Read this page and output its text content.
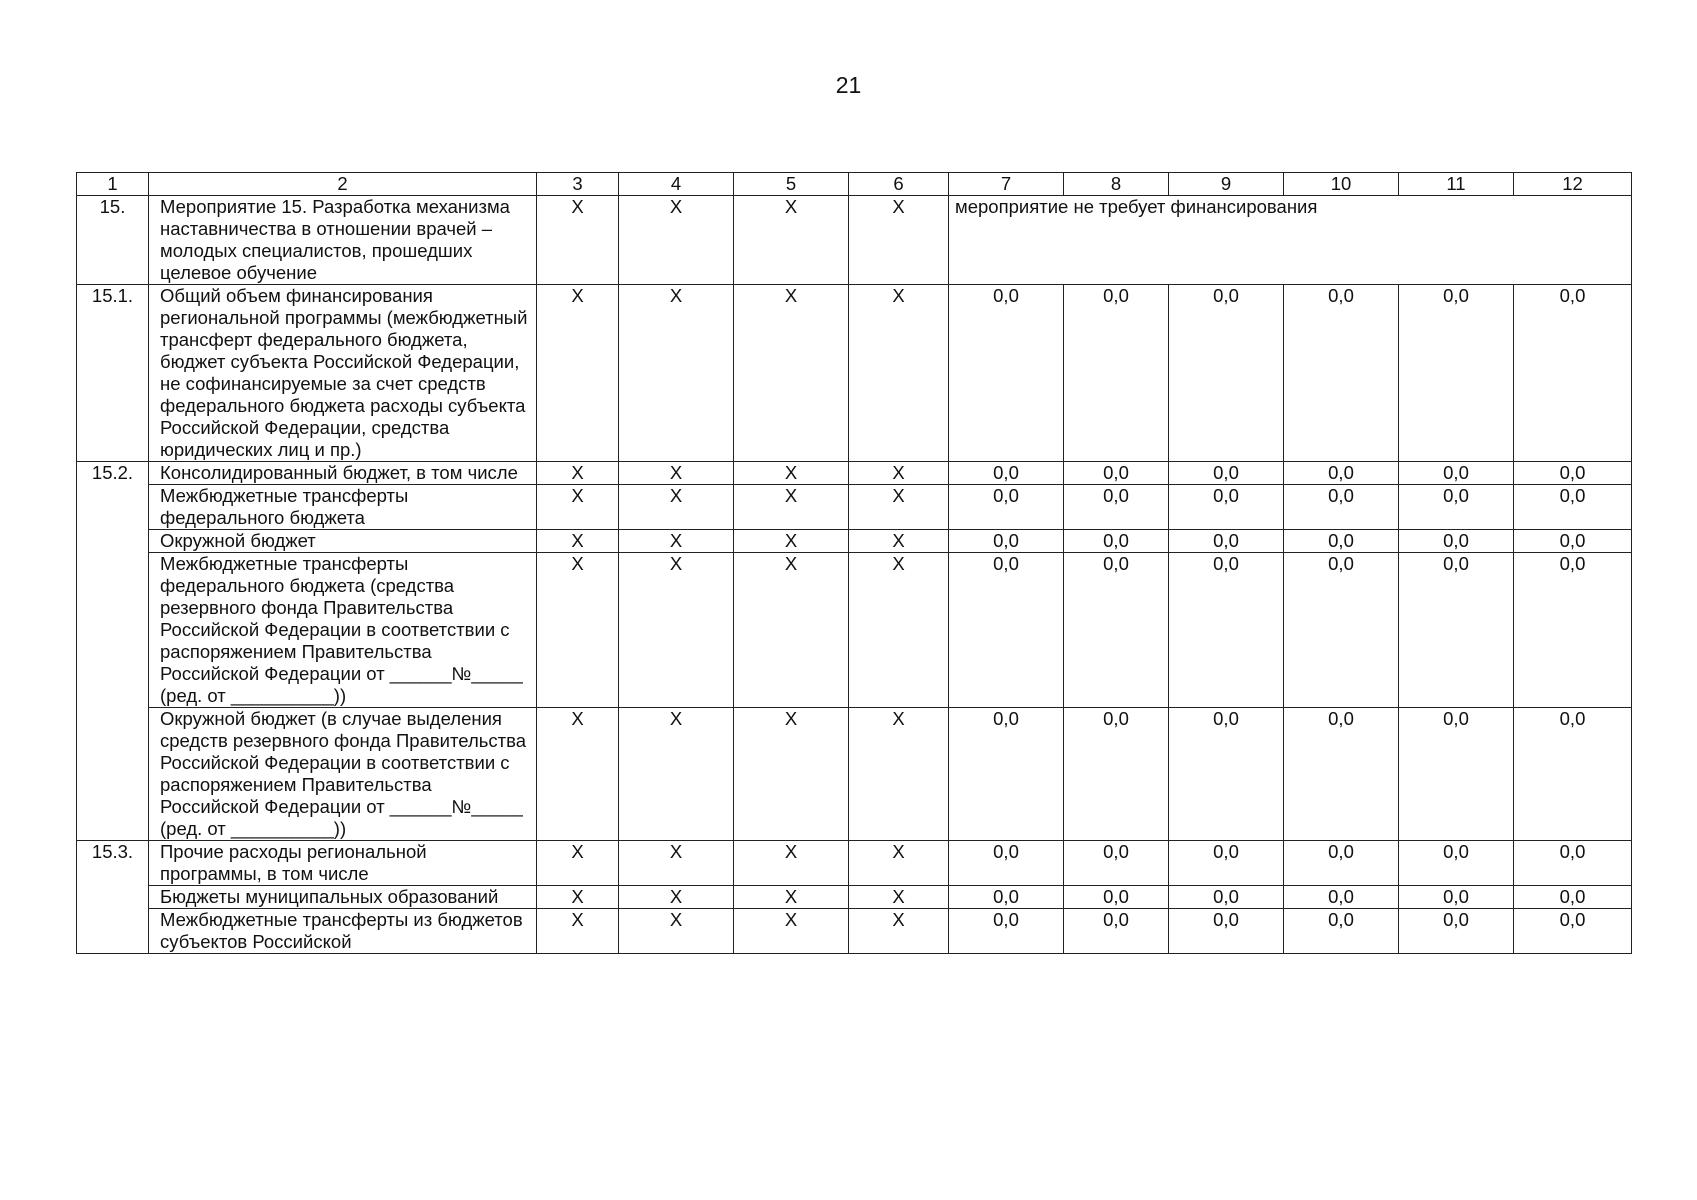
21
1	2	3	4	5	6	7	8	9	10	11	12
15.	Мероприятие 15. Разработка механизма наставничества в отношении врачей – молодых специалистов, прошедших целевое обучение	Х	Х	Х	Х	мероприятие не требует финансирования					
15.1.	Общий объем финансирования региональной программы (межбюджетный трансферт федерального бюджета, бюджет субъекта Российской Федерации, не софинансируемые за счет средств федерального бюджета расходы субъекта Российской Федерации, средства юридических лиц и пр.)	Х	Х	Х	Х	0,0	0,0	0,0	0,0	0,0	0,0
15.2.	Консолидированный бюджет, в том числе	Х	Х	Х	Х	0,0	0,0	0,0	0,0	0,0	0,0
	Межбюджетные трансферты федерального бюджета	Х	Х	Х	Х	0,0	0,0	0,0	0,0	0,0	0,0
	Окружной бюджет	Х	Х	Х	Х	0,0	0,0	0,0	0,0	0,0	0,0
	Межбюджетные трансферты федерального бюджета (средства резервного фонда Правительства Российской Федерации в соответствии с распоряжением Правительства Российской Федерации от ______№_____ (ред. от __________))	Х	Х	Х	Х	0,0	0,0	0,0	0,0	0,0	0,0
	Окружной бюджет (в случае выделения средств резервного фонда Правительства Российской Федерации в соответствии с распоряжением Правительства Российской Федерации от ______№_____ (ред. от __________))	Х	Х	Х	Х	0,0	0,0	0,0	0,0	0,0	0,0
15.3.	Прочие расходы региональной программы, в том числе	Х	Х	Х	Х	0,0	0,0	0,0	0,0	0,0	0,0
	Бюджеты муниципальных образований	Х	Х	Х	Х	0,0	0,0	0,0	0,0	0,0	0,0
	Межбюджетные трансферты из бюджетов субъектов Российской	Х	Х	Х	Х	0,0	0,0	0,0	0,0	0,0	0,0
